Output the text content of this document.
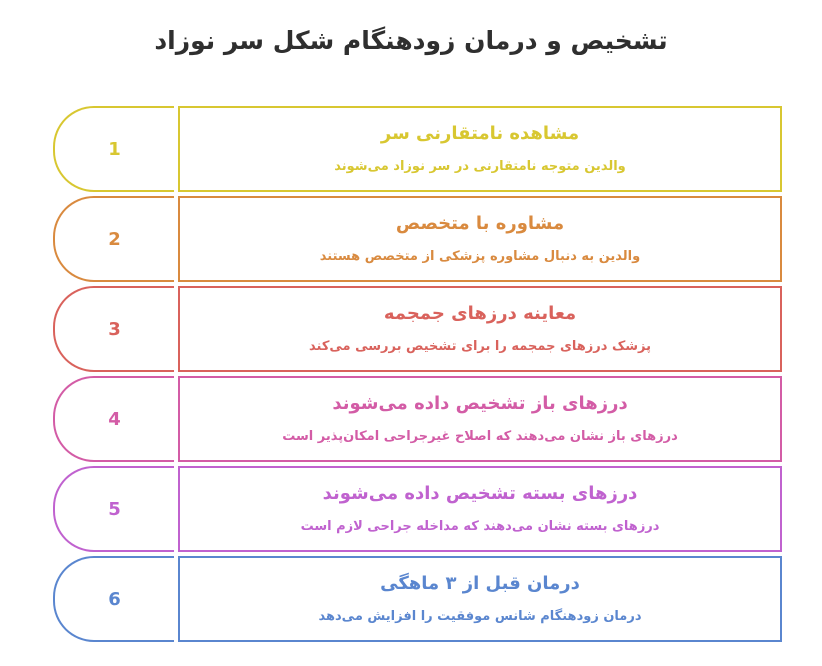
تشخیص و درمان زودهنگام شکل سر نوزاد
1
مشاهده نامتقارنی سر
والدین متوجه نامتقارنی در سر نوزاد می‌شوند
2
مشاوره با متخصص
والدین به دنبال مشاوره پزشکی از متخصص هستند
3
معاینه درزهای جمجمه
پزشک درزهای جمجمه را برای تشخیص بررسی می‌کند
4
درزهای باز تشخیص داده می‌شوند
درزهای باز نشان می‌دهند که اصلاح غیرجراحی امکان‌پذیر است
5
درزهای بسته تشخیص داده می‌شوند
درزهای بسته نشان می‌دهند که مداخله جراحی لازم است
6
درمان قبل از ۳ ماهگی
درمان زودهنگام شانس موفقیت را افزایش می‌دهد
